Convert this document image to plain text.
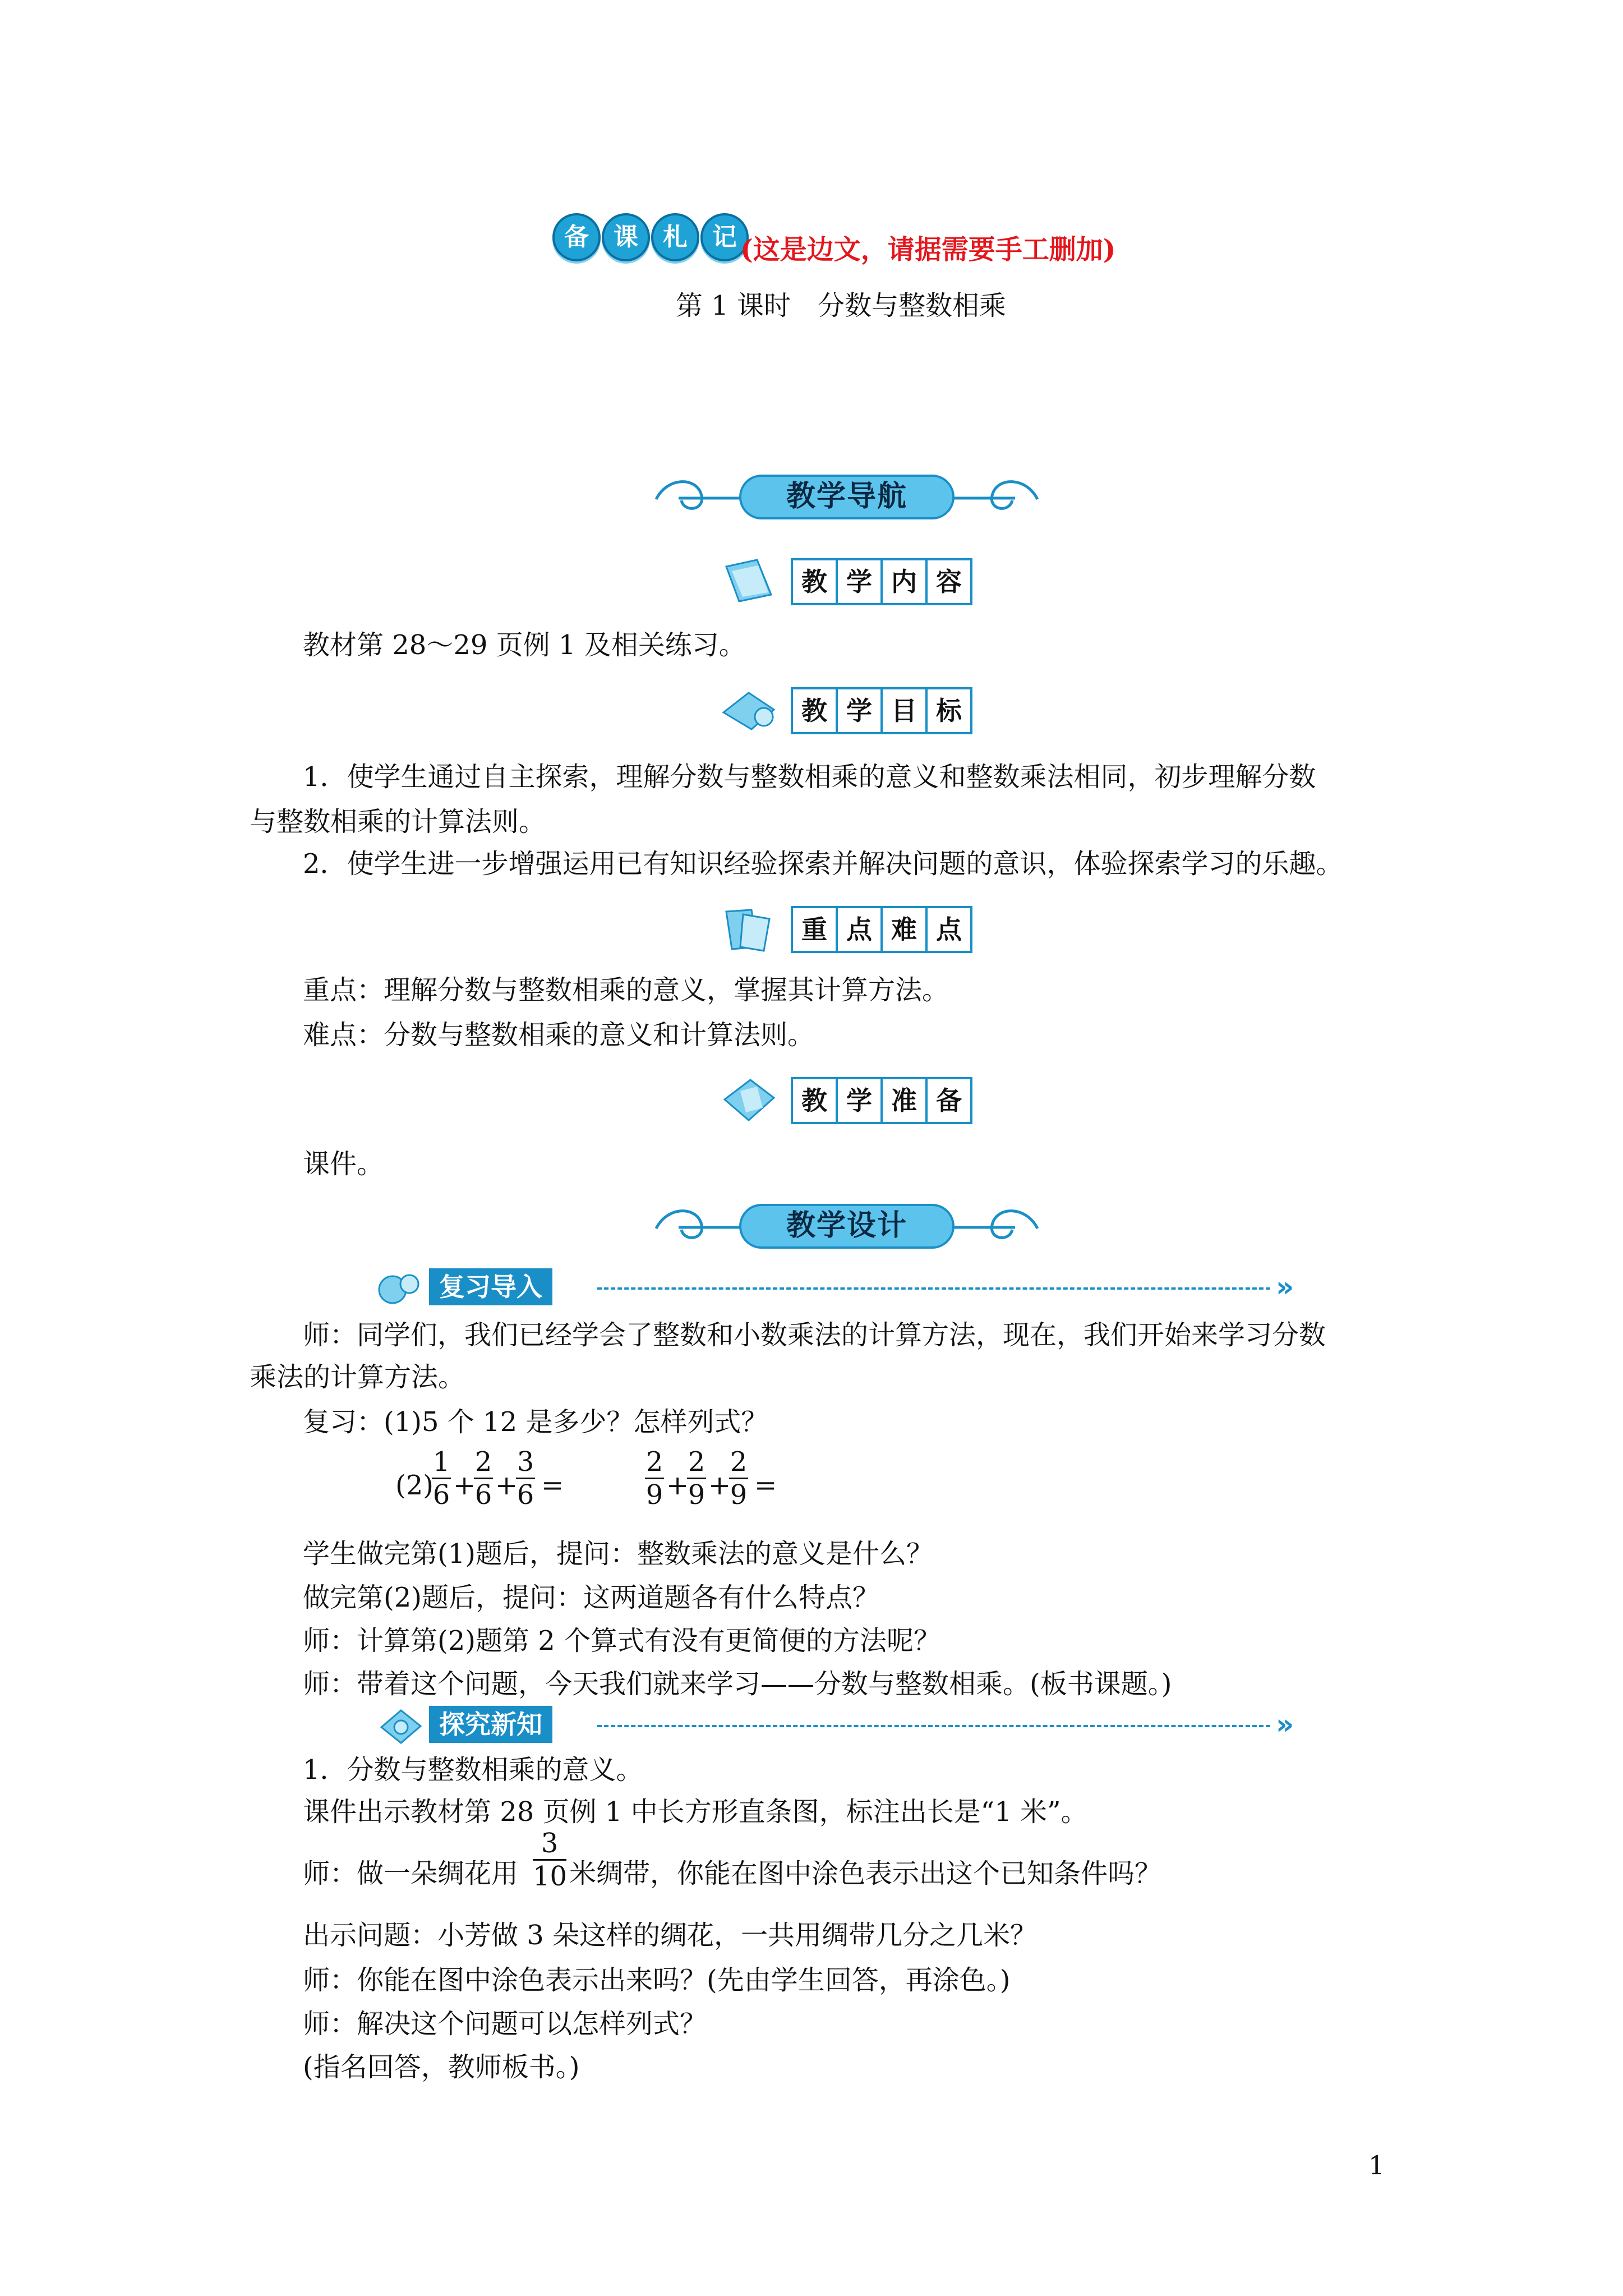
备	课	札	记 (这是边文，请据需要手工删加)
第 1 课时　分数与整数相乘
教学导航
教 学 内 容
教材第 28～29 页例 1 及相关练习。
教 学 目 标
1．使学生通过自主探索，理解分数与整数相乘的意义和整数乘法相同，初步理解分数
与整数相乘的计算法则。
2．使学生进一步增强运用已有知识经验探索并解决问题的意识，体验探索学习的乐趣。
重 点 难 点
重点：理解分数与整数相乘的意义，掌握其计算方法。
难点：分数与整数相乘的意义和计算法则。
教 学 准 备
课件。
教学设计
复习导入	»
师：同学们，我们已经学会了整数和小数乘法的计算方法，现在，我们开始来学习分数
乘法的计算方法。
复习：(1)5 个 12 是多少？怎样列式？
(2)
1
6 +
2
6 +
3
6 =
2
9 +
2
9 +
2
9 =
学生做完第(1)题后，提问：整数乘法的意义是什么？
做完第(2)题后，提问：这两道题各有什么特点？
师：计算第(2)题第 2 个算式有没有更简便的方法呢？
师：带着这个问题，今天我们就来学习——分数与整数相乘。(板书课题。)
探究新知	»
1．分数与整数相乘的意义。
课件出示教材第 28 页例 1 中长方形直条图，标注出长是“1 米”。
师：做一朵绸花用
3
10 米绸带，你能在图中涂色表示出这个已知条件吗？
出示问题：小芳做 3 朵这样的绸花，一共用绸带几分之几米？
师：你能在图中涂色表示出来吗？(先由学生回答，再涂色。)
师：解决这个问题可以怎样列式？
(指名回答，教师板书。)
1
